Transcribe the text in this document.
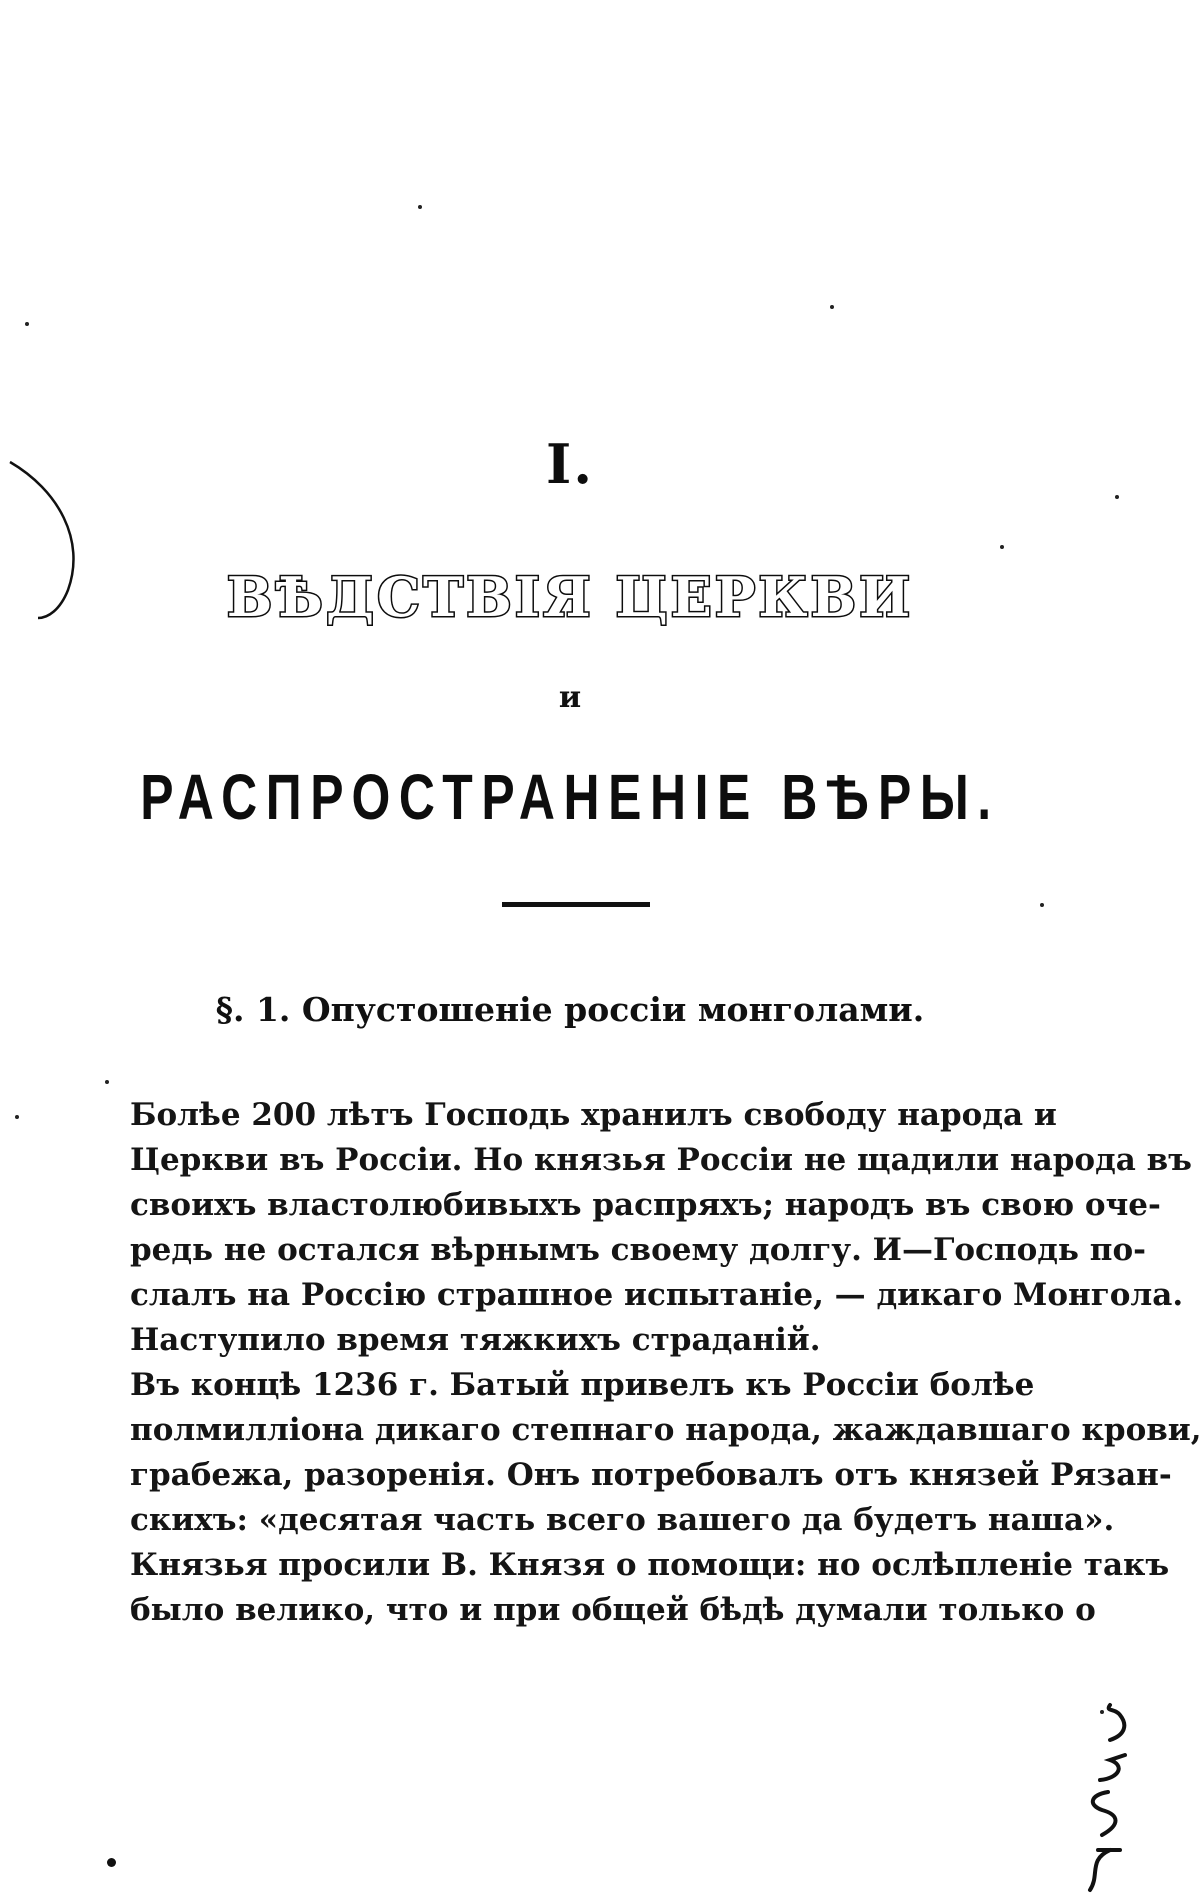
I.
ВѢДСТВІЯ ЦЕРКВИ
и
РАСПРОСТРАНЕНІЕ ВѢРЫ.
§. 1. Опустошеніе россіи монголами.
Болѣе 200 лѣтъ Господь хранилъ свободу народа и
Церкви въ Россіи. Но князья Россіи не щадили народа въ
своихъ властолюбивыхъ распряхъ; народъ въ свою оче-
редь не остался вѣрнымъ своему долгу. И—Господь по-
слалъ на Россію страшное испытаніе, — дикаго Монгола.
Наступило время тяжкихъ страданій.
Въ концѣ 1236 г. Батый привелъ къ Россіи болѣе
полмилліона дикаго степнаго народа, жаждавшаго крови,
грабежа, разоренія. Онъ потребовалъ отъ князей Рязан-
скихъ: «десятая часть всего вашего да будетъ наша».
Князья просили В. Князя о помощи: но ослѣпленіе такъ
было велико, что и при общей бѣдѣ думали только о
